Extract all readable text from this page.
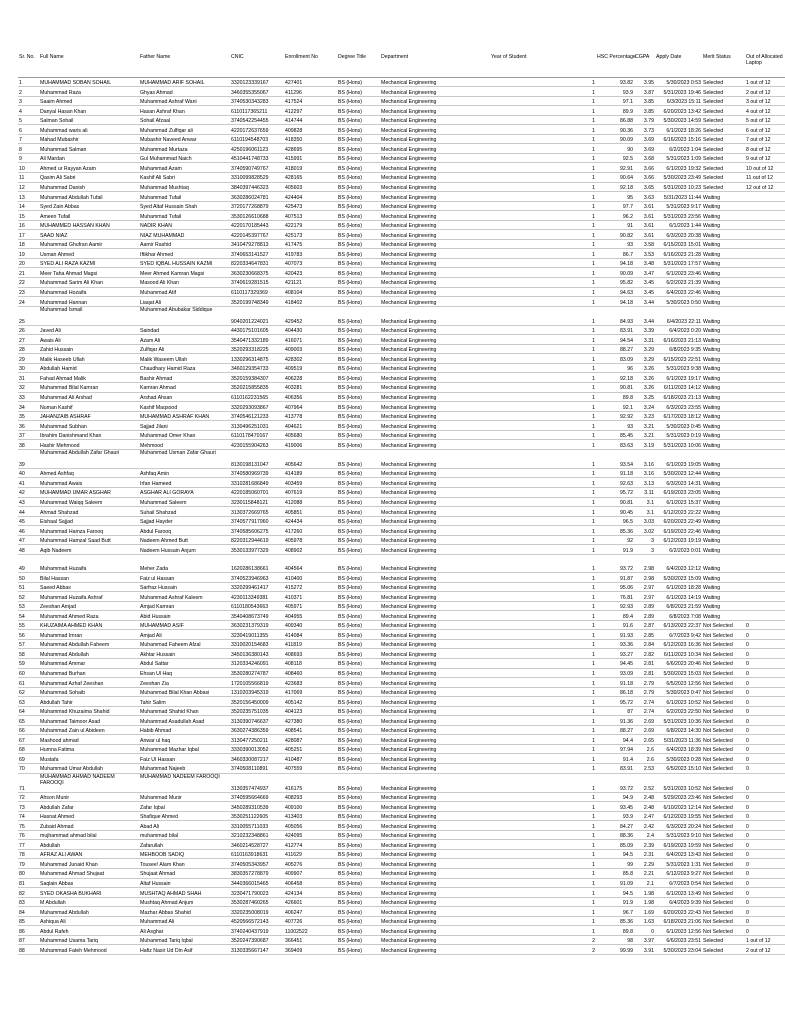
Sr. No.	Full Name	Father Name	CNIC	Enrollment No	Degree Title	Department	Year of Student	HSC Percentage	CGPA	Apply Date	Merit Status	Out of Allocated Laptop
1	MUHAMMAD SOBAN SOHAIL	MUHAMMAD ARIF SOHAIL	3320123339167	427401	BS (Hons)	Mechanical Engineering	1	93.82	3.95	5/30/2023 0:53	Selected	1 out of 12
2	Muhammad Raza	Ghyas Ahmad	3460355355067	411296	BS (Hons)	Mechanical Engineering	1	93.9	3.87	5/31/2023 19:46	Selected	2 out of 12
3	Saaim Ahmed	Muhammad Ashraf Wani	3740530343283	417524	BS (Hons)	Mechanical Engineering	1	97.1	3.85	6/3/2023 15:11	Selected	3 out of 12
4	Danyal Hasan Khan	Hasan Ashraf Khan	6110117365211	412297	BS (Hons)	Mechanical Engineering	1	89.9	3.85	6/20/2023 13:42	Selected	4 out of 12
5	Salman Sohail	Sohail Afzaal	3740542254455	414744	BS (Hons)	Mechanical Engineering	1	86.88	3.79	5/30/2023 14:59	Selected	5 out of 12
6	Muhammad waris ali	Muhammad Zulfiqar ali	4220172637659	409828	BS (Hons)	Mechanical Engineering	1	90.36	3.73	6/1/2023 18:26	Selected	6 out of 12
7	Mahad Mubashir	Mubashir Naveed Anwar	6110194548703	418350	BS (Hons)	Mechanical Engineering	1	90.09	3.69	6/16/2023 15:16	Selected	7 out of 12
8	Muhammad Salman	Muhammad Murtaza	4250196061123	428695	BS (Hons)	Mechanical Engineering	1	90	3.69	6/2/2023 1:04	Selected	8 out of 12
9	Ali Mardan	Gul Muhammad Naich	4510441748733	415991	BS (Hons)	Mechanical Engineering	1	92.5	3.68	5/31/2023 1:09	Selected	9 out of 12
10	Ahmed ur Rayyan Azam	Muhammad Azam	3740590749767	418019	BS (Hons)	Mechanical Engineering	1	92.91	3.66	6/1/2023 19:32	Selected	10 out of 12
11	Qasim Ali Sabri	Kashif Ali Sabri	3310099828529	428165	BS (Hons)	Mechanical Engineering	1	90.64	3.66	5/30/2023 23:49	Selected	11 out of 12
12	Muhammad Danish	Muhammad Mushtaq	3840397446323	405603	BS (Hons)	Mechanical Engineering	1	92.18	3.65	5/31/2023 10:23	Selected	12 out of 12
13	Muhammad Abdullah Tufail	Muhammad Tufail	3630286024781	424404	BS (Hons)	Mechanical Engineering	1	95	3.63	5/31/2023 11:44	Waiting	
14	Syed Zain Abbas	Syed Altaf Hussain Shah	3720177268879	425473	BS (Hons)	Mechanical Engineering	1	97.7	3.61	5/31/2023 9:17	Waiting	
15	Ameen Tufail	Muhammad Tufail	3530126610688	407513	BS (Hons)	Mechanical Engineering	1	96.2	3.61	5/31/2023 23:56	Waiting	
16	MUHAMMED HASSAN KHAN	NADIR KHAN	4220170185443	422179	BS (Hons)	Mechanical Engineering	1	91	3.61	6/1/2023 1:44	Waiting	
17	SAAD NIAZ	NIAZ MUHAMMAD	4220145397767	425173	BS (Hons)	Mechanical Engineering	1	90.82	3.61	6/3/2023 20:38	Waiting	
18	Muhammad Ghufran Aamir	Aamir Rashid	3410479278813	417475	BS (Hons)	Mechanical Engineering	1	93	3.58	6/15/2023 15:01	Waiting	
19	Usman Ahmed	Iftikhar Ahmed	3740653141527	419783	BS (Hons)	Mechanical Engineering	1	86.7	3.53	6/16/2023 21:28	Waiting	
20	SYED ALI RAZA KAZMI	SYED IQBAL HUSSAIN KAZMI	8220334647831	407073	BS (Hons)	Mechanical Engineering	1	94.18	3.48	5/31/2023 17:57	Waiting	
21	Meer Taha Ahmad Magsi	Meer Ahmed Kamran Magsi	3630230668375	420423	BS (Hons)	Mechanical Engineering	1	90.09	3.47	6/1/2023 23:46	Waiting	
22	Muhammad Sarim Ali Khan	Masood Ali Khan	3740619281515	421121	BS (Hons)	Mechanical Engineering	1	95.82	3.45	6/2/2023 21:39	Waiting	
23	Muhammad Hozaifa	Muhammad Atif	6110117329369	408104	BS (Hons)	Mechanical Engineering	1	94.63	3.45	6/4/2023 22:46	Waiting	
24	Muhammad Hannan	Liaqat Ali	3520199748349	418402	BS (Hons)	Mechanical Engineering	1	94.18	3.44	5/30/2023 0:50	Waiting	
25	Muhammad Ismail	Muhammad Abubakar Siddique	9040201224021	429452	BS (Hons)	Mechanical Engineering	1	84.93	3.44	6/4/2023 22:11	Waiting	
26	Javed Ali	Saindad	4430175101605	404430	BS (Hons)	Mechanical Engineering	1	83.91	3.39	6/4/2023 0:20	Waiting	
27	Awais Ali	Azam Ali	3540471332189	416071	BS (Hons)	Mechanical Engineering	1	94.54	3.31	6/16/2023 21:13	Waiting	
28	Zahid Hussain	Zulfiqar Ali	3520293318225	409003	BS (Hons)	Mechanical Engineering	1	88.27	3.29	6/8/2023 9:35	Waiting	
29	Malik Haseeb Ullah	Malik Waseem Ullah	1330296314875	428302	BS (Hons)	Mechanical Engineering	1	83.09	3.29	6/15/2023 22:51	Waiting	
30	Abdullah Hamid	Chaudhary Hamid Raza	3460129354733	409519	BS (Hons)	Mechanical Engineering	1	96	3.26	5/31/2023 9:38	Waiting	
31	Fahad Ahmad Malik	Bashir Ahmad	3520159384307	406228	BS (Hons)	Mechanical Engineering	1	92.18	3.26	6/1/2023 19:17	Waiting	
32	Muhammad Bilal Kamran	Kamran Ahmad	3520215855835	403281	BS (Hons)	Mechanical Engineering	1	90.81	3.26	6/11/2023 14:12	Waiting	
33	Muhammad Ali Arshad	Arshad Ahsan	6110162231565	406356	BS (Hons)	Mechanical Engineering	1	89.8	3.25	6/18/2023 21:13	Waiting	
34	Numan Kashif	Kashif Maqsood	3320293093867	407964	BS (Hons)	Mechanical Engineering	1	92.1	3.24	6/3/2023 23:55	Waiting	
35	JAHANZAIB ASHRAF	MUHAMMAD ASHRAF KHAN	3740546121233	413778	BS (Hons)	Mechanical Engineering	1	92.92	3.23	6/17/2023 18:12	Waiting	
36	Muhammad Subhan	Sajjad Jilani	3130496251031	404621	BS (Hons)	Mechanical Engineering	1	93	3.21	5/30/2023 0:45	Waiting	
37	Ibrahim Danishmand Khan	Muhammad Omer Khan	6110178470167	405680	BS (Hons)	Mechanical Engineering	1	85.45	3.21	5/31/2023 0:19	Waiting	
38	Hashir Mehmood	Mehmood	4230155904263	419006	BS (Hons)	Mechanical Engineering	1	83.63	3.19	5/31/2023 10:06	Waiting	
39	Muhammad Abdullah Zafar Ghauri	Muhammad Usman Zafar Ghauri	8130198131047	405642	BS (Hons)	Mechanical Engineering	1	93.54	3.16	6/1/2023 19:05	Waiting	
40	Ahmed Ashfaq	Ashfaq Amin	3740580969739	414189	BS (Hons)	Mechanical Engineering	1	91.18	3.16	5/30/2023 12:44	Waiting	
41	Muhammad Awais	Irfan Hameed	3310281686849	403459	BS (Hons)	Mechanical Engineering	1	92.63	3.13	6/3/2023 14:31	Waiting	
42	MUHAMMAD UMAR ASGHAR	ASGHAR ALI GORAYA	4220185060701	407619	BS (Hons)	Mechanical Engineering	1	95.72	3.11	6/19/2023 23:05	Waiting	
43	Muhammad Waiqq Saleem	Muhammad Saleem	3230115848121	412088	BS (Hons)	Mechanical Engineering	1	90.81	3.1	6/1/2023 15:37	Waiting	
44	Ahmad Shahzad	Suhail Shahzad	3130372669765	405851	BS (Hons)	Mechanical Engineering	1	90.45	3.1	6/12/2023 22:22	Waiting	
45	Eishaal Sajjad	Sajjad Hayder	3740577917960	424434	BS (Hons)	Mechanical Engineering	1	96.5	3.03	6/20/2023 22:49	Waiting	
46	Muhammad Hamza Farooq	Abdul Farooq	3740585606275	417260	BS (Hons)	Mechanical Engineering	1	85.36	3.02	6/19/2023 22:46	Waiting	
47	Muhammad Hamzal Saad Butt	Nadeem Ahmed Butt	8220312944619	405978	BS (Hons)	Mechanical Engineering	1	92	3	6/12/2023 19:19	Waiting	
48	Aqib Nadeem	Nadeem Hussain Anjum	3530133977329	408902	BS (Hons)	Mechanical Engineering	1	91.9	3	6/2/2023 0:01	Waiting	
49	Muhammad Huzaifa	Meher Zada	1620286138661	404564	BS (Hons)	Mechanical Engineering	1	93.72	2.98	6/4/2023 12:12	Waiting	
50	Bilal Hassan	Faiz ul Hassan	3740523946963	410400	BS (Hons)	Mechanical Engineering	1	91.87	2.98	5/30/2023 15:09	Waiting	
51	Saeed Abbas	Sarfraz Hussain	3320299461417	415272	BS (Hons)	Mechanical Engineering	1	95.06	2.97	6/1/2023 18:28	Waiting	
52	Muhammad Huzaifa Ashraf	Muhammad Ashraf Kaleem	4230113349381	410371	BS (Hons)	Mechanical Engineering	1	76.81	2.97	6/1/2023 14:19	Waiting	
53	Zeeshan Amjad	Amjad Kamran	6110180543663	405971	BS (Hons)	Mechanical Engineering	1	92.93	2.89	6/8/2023 21:59	Waiting	
54	Muhammad Ahmed Raza	Abid Hussain	3540408673749	404955	BS (Hons)	Mechanical Engineering	1	89.4	2.89	6/8/2023 7:08	Waiting	
55	KHUZAIMA AHMED KHAN	MUHAMMAD ASIF	3630231379319	409340	BS (Hons)	Mechanical Engineering	1	91.6	2.87	6/13/2023 22:37	Not Selected	0
56	Muhammad Imran	Amjad Ali	3230419011355	414084	BS (Hons)	Mechanical Engineering	1	91.93	2.85	6/7/2023 9:42	Not Selected	0
57	Muhammad Abdullah Faheem	Muhammad Faheem Afzal	3310020154683	411819	BS (Hons)	Mechanical Engineering	1	93.36	2.84	6/12/2023 16:36	Not Selected	0
58	Muhammad Abdullah	Akhtar Hussain	3450136380143	408693	BS (Hons)	Mechanical Engineering	1	93.27	2.82	6/11/2023 10:34	Not Selected	0
59	Muhammad Ammar	Abdul Sattar	3120334246091	408118	BS (Hons)	Mechanical Engineering	1	94.45	2.81	6/6/2023 20:46	Not Selected	0
60	Muhammad Burhan	Ehsan Ul Haq	3530280274787	408460	BS (Hons)	Mechanical Engineering	1	93.09	2.81	5/30/2023 15:03	Not Selected	0
61	Muhammad Azhaf Zeeshan	Zeeshan Zia	1720105566819	423683	BS (Hons)	Mechanical Engineering	1	91.18	2.79	6/5/2023 12:56	Not Selected	0
62	Muhammad Sohaib	Muhammad Bilal Khan Abbasi	1310203945319	417069	BS (Hons)	Mechanical Engineering	1	86.18	2.79	5/30/2023 0:47	Not Selected	0
63	Abdullah Tahir	Tahir Salim	3520156450009	405142	BS (Hons)	Mechanical Engineering	1	95.72	2.74	6/1/2023 10:52	Not Selected	0
64	Muhammad Khuzaima Shahid	Muhammad Shahid Khan	3520235751035	404123	BS (Hons)	Mechanical Engineering	1	87	2.74	6/2/2023 22:50	Not Selected	0
65	Muhammad Taimoor Asad	Muhammad Asadullah Asad	3130390746637	427380	BS (Hons)	Mechanical Engineering	1	91.36	2.69	5/31/2023 10:36	Not Selected	0
66	Muhammad Zain ul Abideen	Habib Ahmad	3630274386359	408541	BS (Hons)	Mechanical Engineering	1	88.27	2.69	6/8/2023 14:30	Not Selected	0
67	Mashood ahmad	Anwar ul haq	3130477250211	428087	BS (Hons)	Mechanical Engineering	1	94.4	2.65	5/31/2023 11:36	Not Selected	0
68	Humna Fatima	Muhammad Mazhar Iqbal	3330390013052	405251	BS (Hons)	Mechanical Engineering	1	97.94	2.6	6/4/2023 18:39	Not Selected	0
69	Mustafa	Faiz Ul Hassan	3460330087217	410487	BS (Hons)	Mechanical Engineering	1	91.4	2.6	5/30/2023 0:28	Not Selected	0
70	Muhammad Umar Abdullah	Muhammad Najeeb	3740508110891	407559	BS (Hons)	Mechanical Engineering	1	83.91	2.53	6/5/2023 15:10	Not Selected	0
71	MUHAMMAD AHMAD NADEEM FAROOQI	MUHAMMAD NADEEM FAROOQI	3130357474937	416175	BS (Hons)	Mechanical Engineering	1	93.72	2.52	5/31/2023 10:52	Not Selected	0
72	Ahson Munir	Muhammad Munir	3740595664669	408293	BS (Hons)	Mechanical Engineering	1	94.9	2.48	5/29/2023 23:46	Not Selected	0
73	Abdullah Zafar	Zafar Iqbal	3450289310539	409100	BS (Hons)	Mechanical Engineering	1	93.45	2.48	6/10/2023 12:14	Not Selected	0
74	Hasnat Ahmed	Shafique Ahmed	3530251122605	413403	BS (Hons)	Mechanical Engineering	1	93.9	2.47	6/12/2023 19:55	Not Selected	0
75	Zubaid Ahmad	Abad Ali	3310055711033	405056	BS (Hons)	Mechanical Engineering	1	84.27	2.42	6/3/2023 20:24	Not Selected	0
76	mujhammad ahmad bilal	muhammad bilal	3210232348861	424095	BS (Hons)	Mechanical Engineering	1	88.36	2.4	5/31/2023 9:10	Not Selected	0
77	Abdullah	Zafarullah	3460214528727	412774	BS (Hons)	Mechanical Engineering	1	85.09	2.39	6/19/2023 19:59	Not Selected	0
78	AFRAZ ALI AWAN	MEHBOOB SADIQ	6110163918631	411629	BS (Hons)	Mechanical Engineering	1	94.5	2.31	6/4/2023 13:43	Not Selected	0
79	Muhammad Junaid Khan	Tousee! Alam Khan	3740505343957	405276	BS (Hons)	Mechanical Engineering	1	99	2.29	5/31/2023 1:31	Not Selected	0
80	Muhammad Ahmad Shujaat	Shujaat Ahmad	3830357278879	409907	BS (Hons)	Mechanical Engineering	1	85.8	2.21	6/12/2023 9:27	Not Selected	0
81	Saqlain Abbas	Altaf Hussain	3440366015465	406458	BS (Hons)	Mechanical Engineering	1	91.09	2.1	6/7/2023 0:54	Not Selected	0
82	SYED OKASHA BUKHARI	MUSHTAQ AHMAD SHAH	3230471790023	424134	BS (Hons)	Mechanical Engineering	1	94.5	1.98	6/1/2023 13:49	Not Selected	0
83	M Abdullah	Mushtaq Ahmad Anjum	3530287460265	426601	BS (Hons)	Mechanical Engineering	1	91.9	1.98	6/4/2023 9:39	Not Selected	0
84	Muhammad Abdullah	Mazhar Abbas Shahid	3320235008019	406247	BS (Hons)	Mechanical Engineering	1	96.7	1.69	6/20/2023 22:43	Not Selected	0
85	Ashiqua Ali	Muhammad Ali	4520566572143	407726	BS (Hons)	Mechanical Engineering	1	85.36	1.63	6/18/2023 21:06	Not Selected	0
86	Abdul Rafeh	Ali Asghar	3740240437919	11002522	BS (Hons)	Mechanical Engineering	1	89.8	0	6/1/2023 12:56	Not Selected	0
87	Muhammad Usama Tariq	Muhammad Tariq Iqbal	3520247390687	366451	BS (Hons)	Mechanical Engineering	2	98	3.97	6/6/2023 23:51	Selected	1 out of 12
88	Muhammad Fateh Mehmood	Hafiz Nasir Ud Din Asif	3130335667147	369409	BS (Hons)	Mechanical Engineering	2	99.99	3.91	5/30/2023 23:04	Selected	2 out of 12
